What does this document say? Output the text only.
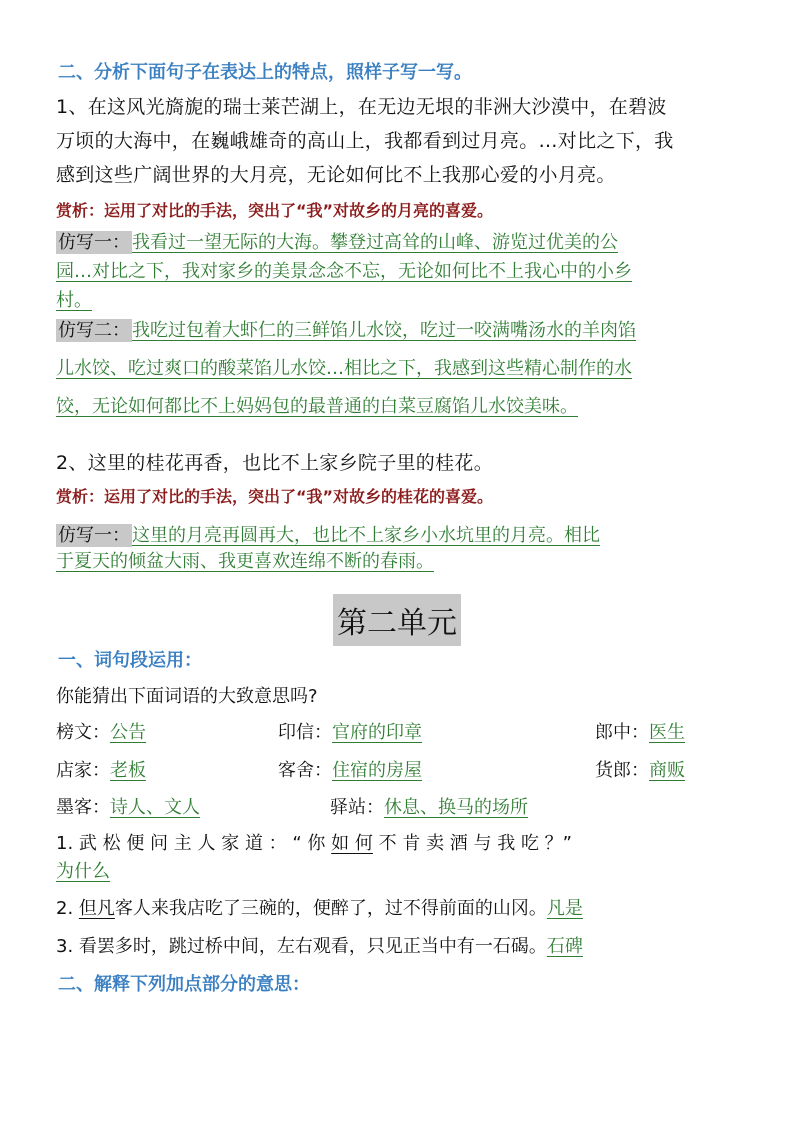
二、分析下面句子在表达上的特点，照样子写一写。
1、在这风光旖旎的瑞士莱芒湖上，在无边无垠的非洲大沙漠中，在碧波
万顷的大海中，在巍峨雄奇的高山上，我都看到过月亮。…对比之下，我
感到这些广阔世界的大月亮，无论如何比不上我那心爱的小月亮。
赏析：运用了对比的手法，突出了“我”对故乡的月亮的喜爱。
仿写一： 我看过一望无际的大海。攀登过高耸的山峰、游览过优美的公
园…对比之下，我对家乡的美景念念不忘，无论如何比不上我心中的小乡
村。
仿写二： 我吃过包着大虾仁的三鲜馅儿水饺，吃过一咬满嘴汤水的羊肉馅
儿水饺、吃过爽口的酸菜馅儿水饺…相比之下，我感到这些精心制作的水
饺，无论如何都比不上妈妈包的最普通的白菜豆腐馅儿水饺美味。
2、这里的桂花再香，也比不上家乡院子里的桂花。
赏析：运用了对比的手法，突出了“我”对故乡的桂花的喜爱。
仿写一： 这里的月亮再圆再大，也比不上家乡小水坑里的月亮。相比
于夏天的倾盆大雨、我更喜欢连绵不断的春雨。
第二单元
一、词句段运用：
你能猜出下面词语的大致意思吗?
榜文：公告	印信：官府的印章	郎中：医生
店家：老板	客舍：住宿的房屋	货郎：商贩
墨客：诗人、文人	驿站：休息、换马的场所
1. 武 松 便 问 主 人 家 道 ： “ 你 如 何 不 肯 卖 酒 与 我 吃 ？”
为什么
2. 但凡客人来我店吃了三碗的，便醉了，过不得前面的山冈。凡是
3. 看罢多时，跳过桥中间，左右观看，只见正当中有一石碣。石碑
二、解释下列加点部分的意思：
